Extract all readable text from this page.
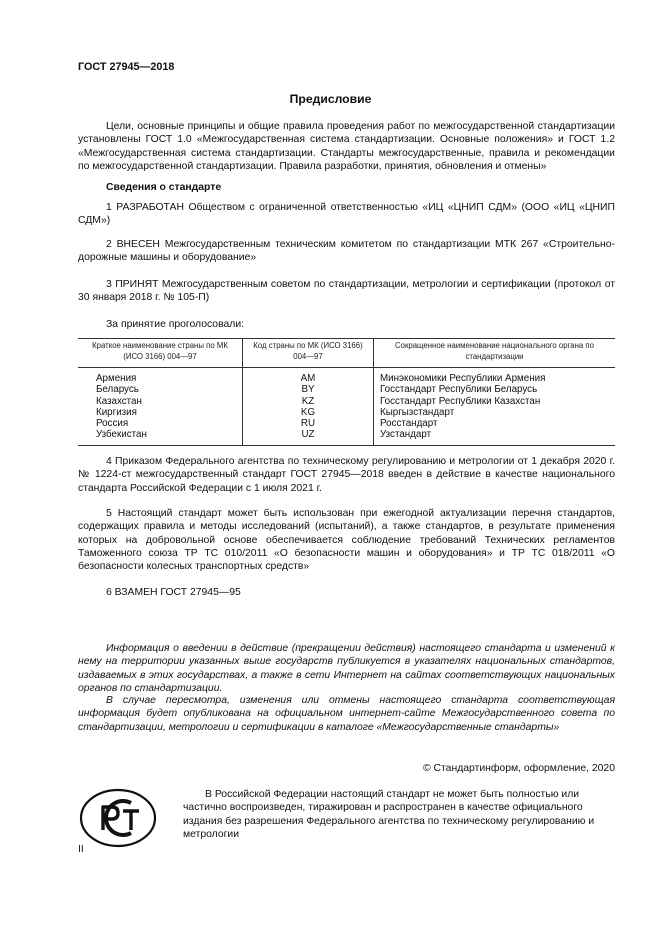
ГОСТ 27945—2018
Предисловие
Цели, основные принципы и общие правила проведения работ по межгосударственной стандартизации установлены ГОСТ 1.0 «Межгосударственная система стандартизации. Основные положения» и ГОСТ 1.2 «Межгосударственная система стандартизации. Стандарты межгосударственные, правила и рекомендации по межгосударственной стандартизации. Правила разработки, принятия, обновления и отмены»
Сведения о стандарте
1 РАЗРАБОТАН Обществом с ограниченной ответственностью «ИЦ «ЦНИП СДМ» (ООО «ИЦ «ЦНИП СДМ»)
2 ВНЕСЕН Межгосударственным техническим комитетом по стандартизации МТК 267 «Строительно-дорожные машины и оборудование»
3 ПРИНЯТ Межгосударственным советом по стандартизации, метрологии и сертификации (протокол от 30 января 2018 г. № 105-П)
За принятие проголосовали:
Краткое наименование страны по МК (ИСО 3166) 004—97	Код страны по МК (ИСО 3166) 004—97	Сокращенное наименование национального органа по стандартизации
Армения	AM	Минэкономики Республики Армения
Беларусь	BY	Госстандарт Республики Беларусь
Казахстан	KZ	Госстандарт Республики Казахстан
Киргизия	KG	Кыргызстандарт
Россия	RU	Росстандарт
Узбекистан	UZ	Узстандарт
4 Приказом Федерального агентства по техническому регулированию и метрологии от 1 декабря 2020 г. № 1224-ст межгосударственный стандарт ГОСТ 27945—2018 введен в действие в качестве национального стандарта Российской Федерации с 1 июля 2021 г.
5 Настоящий стандарт может быть использован при ежегодной актуализации перечня стандартов, содержащих правила и методы исследований (испытаний), а также стандартов, в результате применения которых на добровольной основе обеспечивается соблюдение требований Технических регламентов Таможенного союза ТР ТС 010/2011 «О безопасности машин и оборудования» и ТР ТС 018/2011 «О безопасности колесных транспортных средств»
6 ВЗАМЕН ГОСТ 27945—95
Информация о введении в действие (прекращении действия) настоящего стандарта и изменений к нему на территории указанных выше государств публикуется в указателях национальных стандартов, издаваемых в этих государствах, а также в сети Интернет на сайтах соответствующих национальных органов по стандартизации.
В случае пересмотра, изменения или отмены настоящего стандарта соответствующая информация будет опубликована на официальном интернет-сайте Межгосударственного совета по стандартизации, метрологии и сертификации в каталоге «Межгосударственные стандарты»
© Стандартинформ, оформление, 2020
В Российской Федерации настоящий стандарт не может быть полностью или частично воспроизведен, тиражирован и распространен в качестве официального издания без разрешения Федерального агентства по техническому регулированию и метрологии
II
